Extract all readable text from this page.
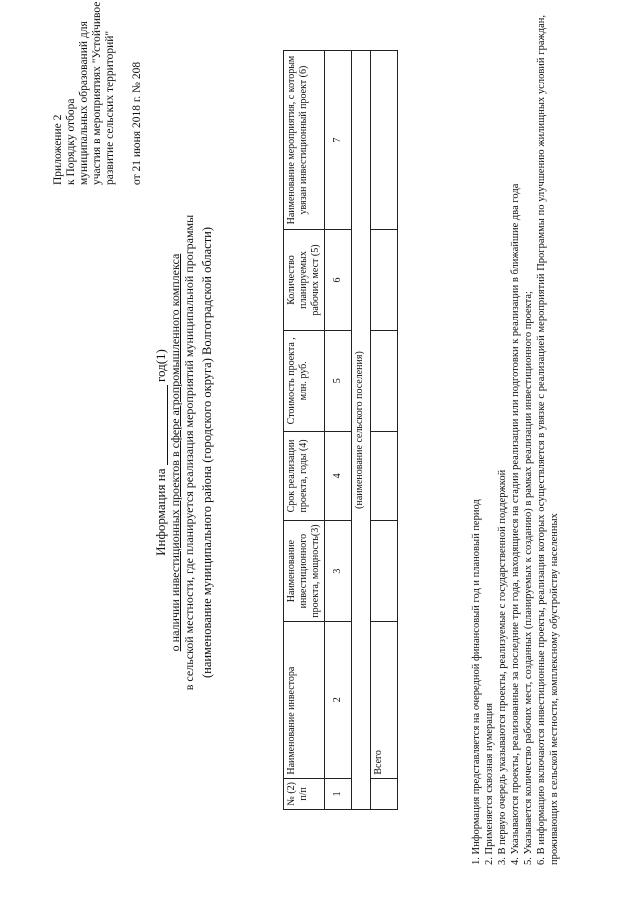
Приложение 2 к Порядку отбора муниципальных образований для участия в мероприятиях "Устойчивое развитие сельских территорий" от 21 июня 2018 г. № 208
Информация на  год(1) о наличии инвестиционных проектов в сфере агропромышленного комплекса в сельской местности, где планируется реализация мероприятий муниципальной программы (наименование муниципального района (городского округа) Волгоградской области)
№ (2) п/п	Наименование инвестора	Наименование инвестиционного проекта, мощность(3)	Срок реализации проекта, годы (4)	Стоимость проекта , млн. руб.	Количество планируемых рабочих мест (5)	Наименование мероприятия, с которым увязан инвестиционный проект (6)
1	2	3	4	5	6	7
(наименование сельского поселения)						
	Всего						1. Информация представляется на очередной финансовый год и плановый период 2. Применяется сквозная нумерация 3. В первую очередь указываются проекты, реализуемые с государственной поддержкой 4. Указываются проекты, реализованные за последние три года, находящиеся на стадии реализации или подготовки к реализации в ближайшие два года 5. Указывается количество рабочих мест, созданных (планируемых к созданию) в рамках реализации инвестиционного проекта; 6. В информацию включаются инвестиционные проекты, реализация которых осуществляется в увязке с реализацией мероприятий Программы по улучшению жилищных условий граждан, проживающих в сельской местности, комплексному обустройству населенных
